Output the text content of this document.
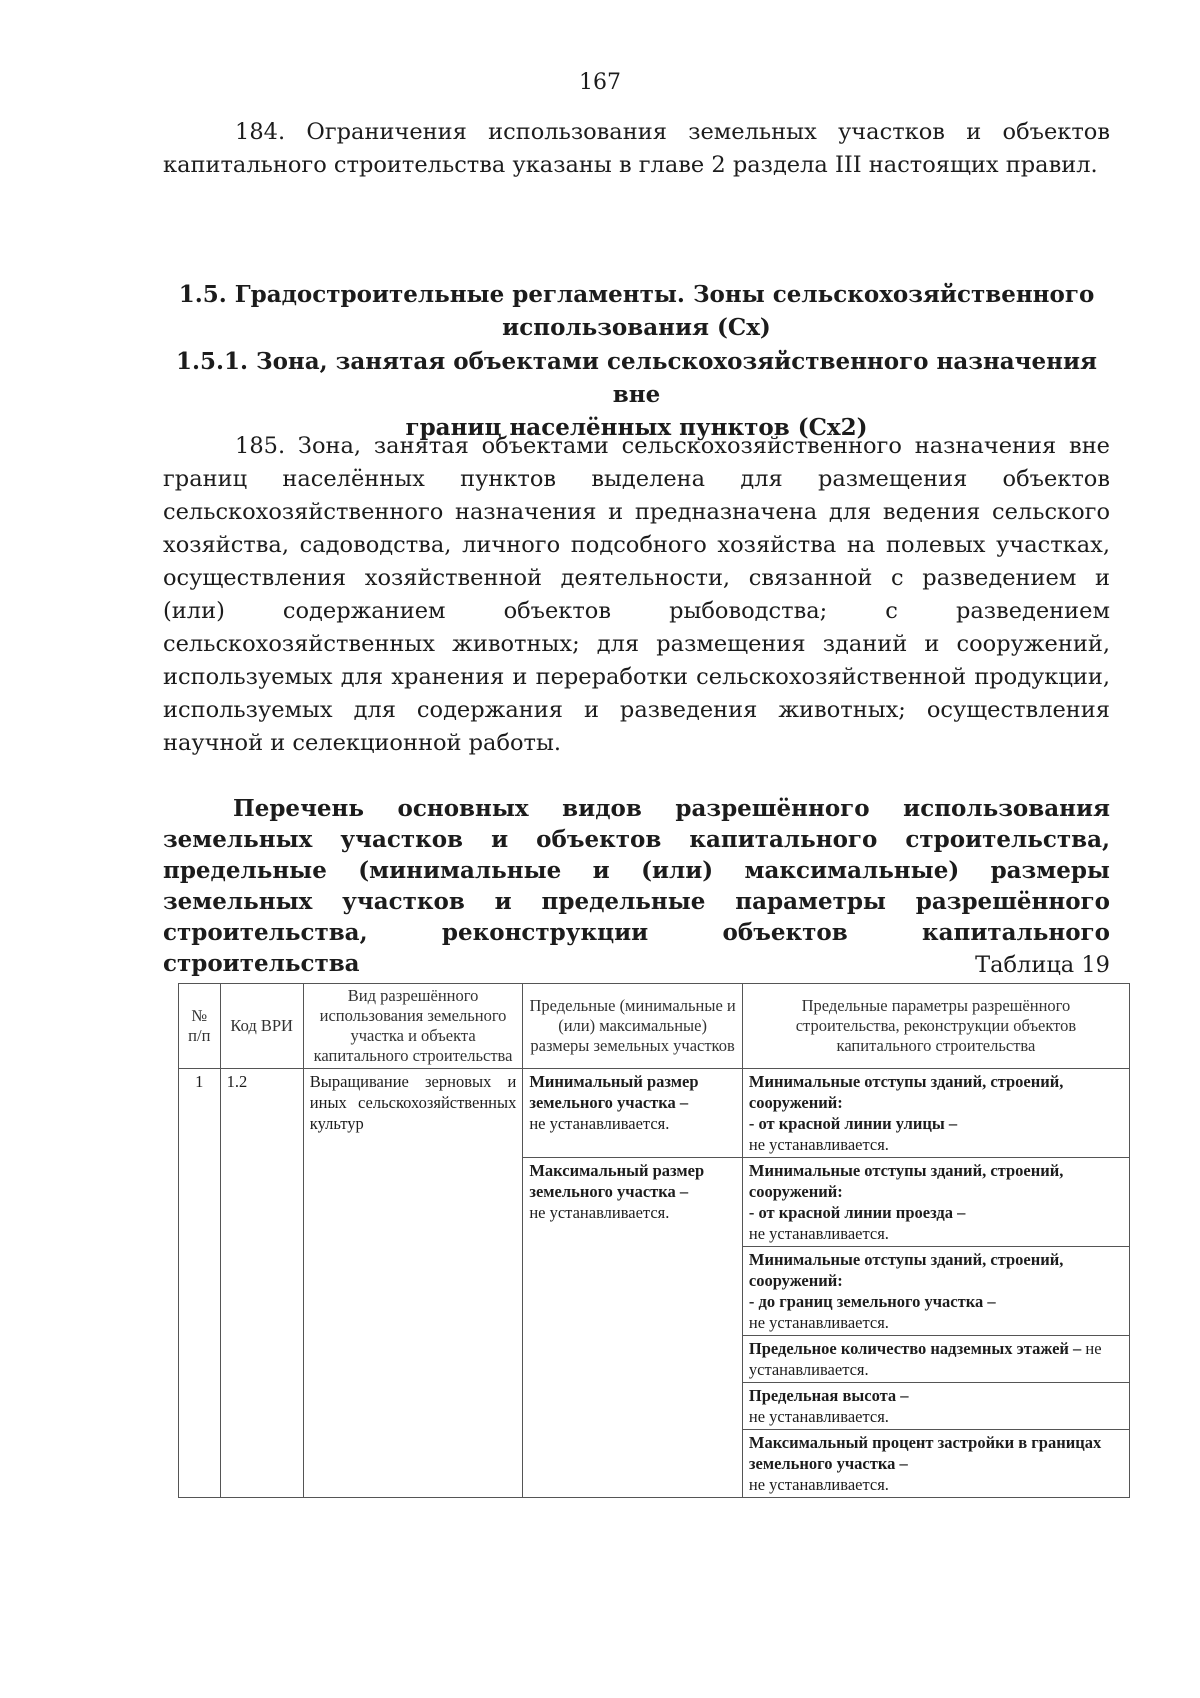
167
184. Ограничения использования земельных участков и объектов капитального строительства указаны в главе 2 раздела III настоящих правил.
1.5. Градостроительные регламенты. Зоны сельскохозяйственного
использования (Сх)
1.5.1. Зона, занятая объектами сельскохозяйственного назначения вне
границ населённых пунктов (Сх2)

185. Зона, занятая объектами сельскохозяйственного назначения вне границ населённых пунктов выделена для размещения объектов сельскохозяйственного назначения и предназначена для ведения сельского хозяйства, садоводства, личного подсобного хозяйства на полевых участках, осуществления хозяйственной деятельности, связанной с разведением и (или) содержанием объектов рыбоводства; с разведением сельскохозяйственных животных; для размещения зданий и сооружений, используемых для хранения и переработки сельскохозяйственной продукции, используемых для содержания и разведения животных; осуществления научной и селекционной работы.

Перечень основных видов разрешённого использования земельных участков и объектов капитального строительства, предельные (минимальные и (или) максимальные) размеры земельных участков и предельные параметры разрешённого строительства, реконструкции объектов капитального строительства	Таблица 19
№ п/п	Код ВРИ	Вид разрешённого использования земельного участка и объекта капитального строительства	Предельные (минимальные и (или) максимальные) размеры земельных участков	Предельные параметры разрешённого строительства, реконструкции объектов капитального строительства
1	1.2	Выращивание зерновых и иных сельскохозяйственных культур	Минимальный размер земельного участка –
не устанавливается.	Минимальные отступы зданий, строений, сооружений:
- от красной линии улицы –
не устанавливается.
			Максимальный размер земельного участка –
не устанавливается.	Минимальные отступы зданий, строений, сооружений:
- от красной линии проезда –
не устанавливается.
				Минимальные отступы зданий, строений, сооружений:
- до границ земельного участка –
не устанавливается.
				Предельное количество надземных этажей – не устанавливается.
				Предельная высота –
не устанавливается.
				Максимальный процент застройки в границах земельного участка –
не устанавливается.
